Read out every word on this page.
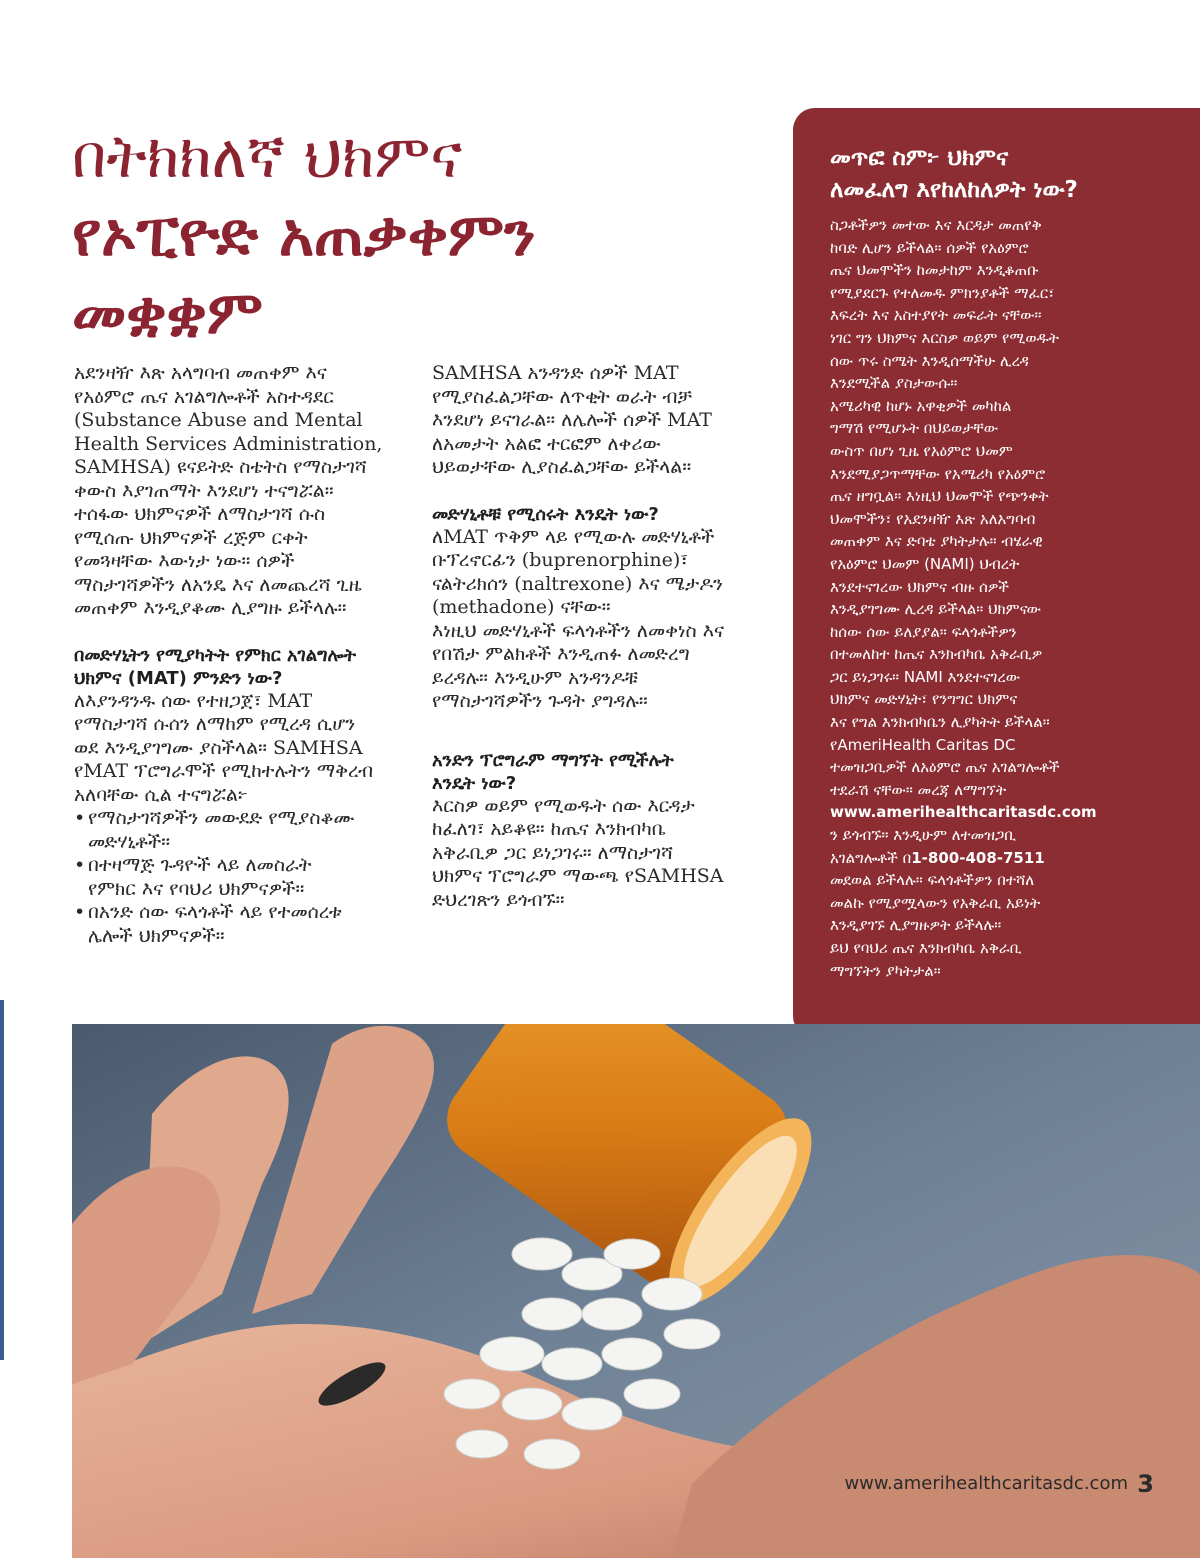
በትክክለኛ ህክምና
የኦፒዮድ አጠቃቀምን
መቋቋም

አደንዛዥ እጽ አላግባብ መጠቀም እና
የአዕምሮ ጤና አገልግሎቶች አስተዳደር
(Substance Abuse and Mental
Health Services Administration,
SAMHSA) ዩናይትድ ስቴትስ የማስታገሻ
ቀውስ እያገጠማት እንደሆነ ተናግሯል።
ተሰፋው ህክምናዎች ለማስታገሻ ሱስ
የሚሰጡ ህክምናዎች ረጅም ርቀት
የመጓዛቸው እውነታ ነው። ሰዎች
ማስታገሻዎችን ለአንዴ እና ለመጨረሻ ጊዜ
መጠቀም እንዲያቆሙ ሊያግዙ ይችላሉ።

በመድሃኒትን የሚያካትት የምክር አገልግሎት
ህክምና (MAT) ምንድን ነው?

ለእያንዳንዱ ሰው የተዘጋጀ፣ MAT
የማስታገሻ ሱሰን ለማከም የሚረዳ ሲሆን
ወደ እንዲያገግሙ ያስችላል። SAMHSA
የMAT ፕሮግራሞች የሚከተሉትን ማቅረብ
አለባቸው ሲል ተናግሯል፦

• የማስታገሻዎችን መውደድ የሚያስቆሙ
መድሃኒቶች።
• በተዛማጅ ጉዳዮች ላይ ለመስራት
የምክር እና የባህሪ ህክምናዎች።
• በአንድ ሰው ፍላጎቶች ላይ የተመሰረቱ
ሌሎች ህክምናዎች።

SAMHSA አንዳንድ ሰዎች MAT
የሚያስፈልጋቸው ለጥቂት ወራት ብቻ
እንደሆነ ይናገራል። ለሌሎች ሰዎች MAT
ለአመታት አልፎ ተርፎም ለቀሪው
ህይወታቸው ሊያስፈልጋቸው ይችላል።

መድሃኒቶቹ የሚሰሩት እንዴት ነው?

ለMAT ጥቅም ላይ የሚውሉ መድሃኒቶች
ቡፕረኖርፊን (buprenorphine)፣
ናልትሪክሰን (naltrexone) እና ሜታዶን
(methadone) ናቸው።
እነዚህ መድሃኒቶች ፍላጎቶችን ለመቀነስ እና
የበሽታ ምልክቶች እንዲጠፉ ለመድረግ
ይረዳሉ። እንዲሁም አንዳንዶቹ
የማስታገሻዎችን ጉዳት ያግዳሉ።

አንድን ፕሮግራም ማግኘት የሚችሉት
እንዴት ነው?

እርስዎ ወይም የሚወዱት ሰው እርዳታ
ከፈለገ፣ አይቆዩ። ከጤና እንክብካቤ
አቅራቢዎ ጋር ይነጋገሩ። ለማስታገሻ
ህክምና ፕሮግራም ማውጫ የSAMHSA
ድህረገጽን ይጎብኙ።

መጥፎ ስም፦ ህክምና
ለመፈለግ እየከለከለዎት ነው?

ስጋቶችዎን መተው እና እርዳታ መጠየቅ
ከባድ ሊሆን ይችላል። ሰዎች የአዕምሮ
ጤና ህመሞችን ከመታከም እንዲቆጠቡ
የሚያደርጉ የተለመዱ ምክንያቶች ማፈር፣
እፍረት እና አስተያየት መፍራት ናቸው።
ነገር ግን ህክምና እርስዎ ወይም የሚወዱት
ሰው ጥሩ ስሜት እንዲሰማችሁ ሊረዳ
እንደሚችል ያስታውሱ።

አሜሪካዊ ከሆኑ አዋቂዎች መካከል
ግማሽ የሚሆኑት በህይወታቸው
ውስጥ በሆነ ጊዜ የአዕምሮ ህመም
እንደሚያጋጥማቸው የአሜሪካ የአዕምሮ
ጤና ዘግቧል። እነዚህ ህመሞች የጭንቀት
ህመሞችን፣ የአደንዛዥ እጽ አለአግባብ
መጠቀም እና ድባቴ ያካትታሉ። ብሄራዊ
የአዕምሮ ህመም (NAMI) ህብረት
እንደተናገረው ህክምና ብዙ ሰዎች
እንዲያገግሙ ሊረዳ ይችላል። ህክምናው
ከሰው ሰው ይለያያል። ፍላጎቶችዎን
በተመለከተ ከጤና እንክብካቤ አቅራቢዎ
ጋር ይነጋገሩ። NAMI እንደተናገረው
ህክምና መድሃኒት፣ የንግግር ህክምና
እና የግል እንክብካቤን ሊያካትት ይችላል።

የAmeriHealth Caritas DC
ተመዝጋቢዎች ለአዕምሮ ጤና አገልግሎቶች
ተደራሽ ናቸው። መረጃ ለማግኘት
www.amerihealthcaritasdc.com
ን ይጎብኙ። እንዲሁም ለተመዝጋቢ
አገልግሎቶች በ1-800-408-7511
መደወል ይችላሉ። ፍላጎቶችዎን በተሻለ
መልኩ የሚያሟላውን የአቅራቢ አይነት
እንዲያገኙ ሊያግዙዎት ይችላሉ።
ይህ የባህሪ ጤና እንክብካቤ አቅራቢ
ማግኘትን ያካትታል።

www.amerihealthcaritasdc.com 3
